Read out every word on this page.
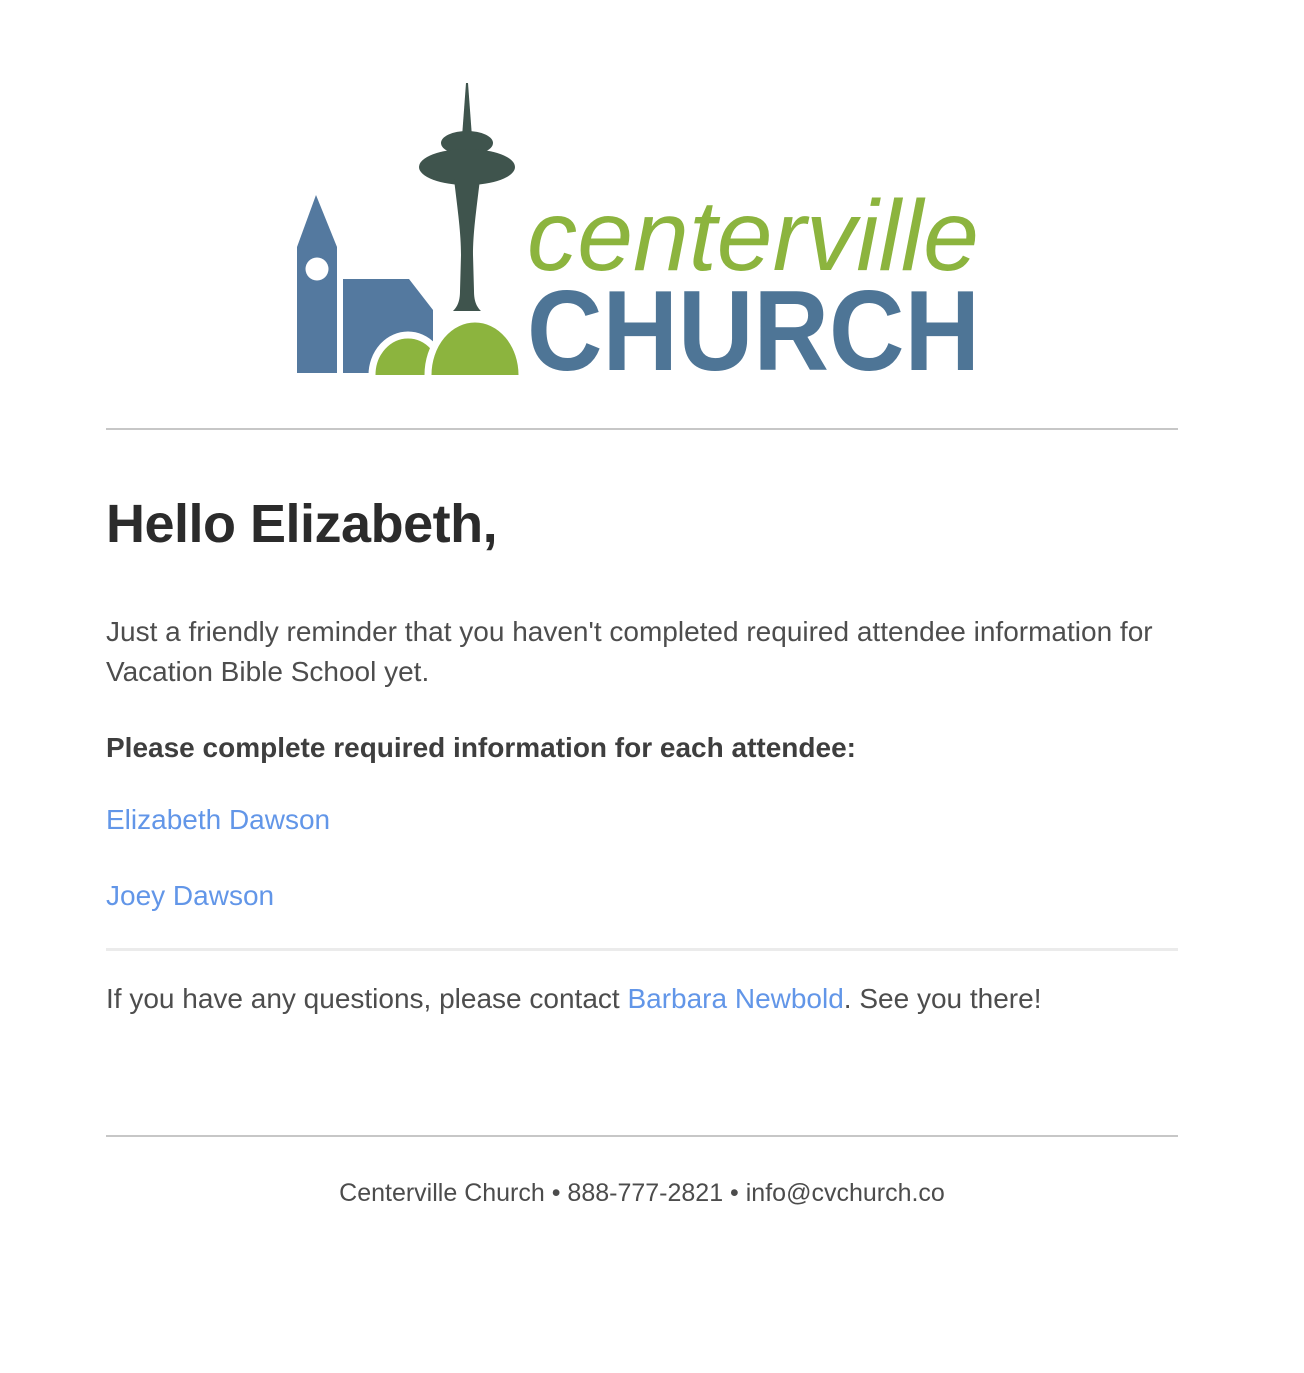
centerville
CHURCH
Hello Elizabeth,

Just a friendly reminder that you haven't completed required attendee information for Vacation Bible School yet.

Please complete required information for each attendee:

Elizabeth Dawson

Joey Dawson

If you have any questions, please contact Barbara Newbold. See you there!

Centerville Church • 888-777-2821 • info@cvchurch.co
